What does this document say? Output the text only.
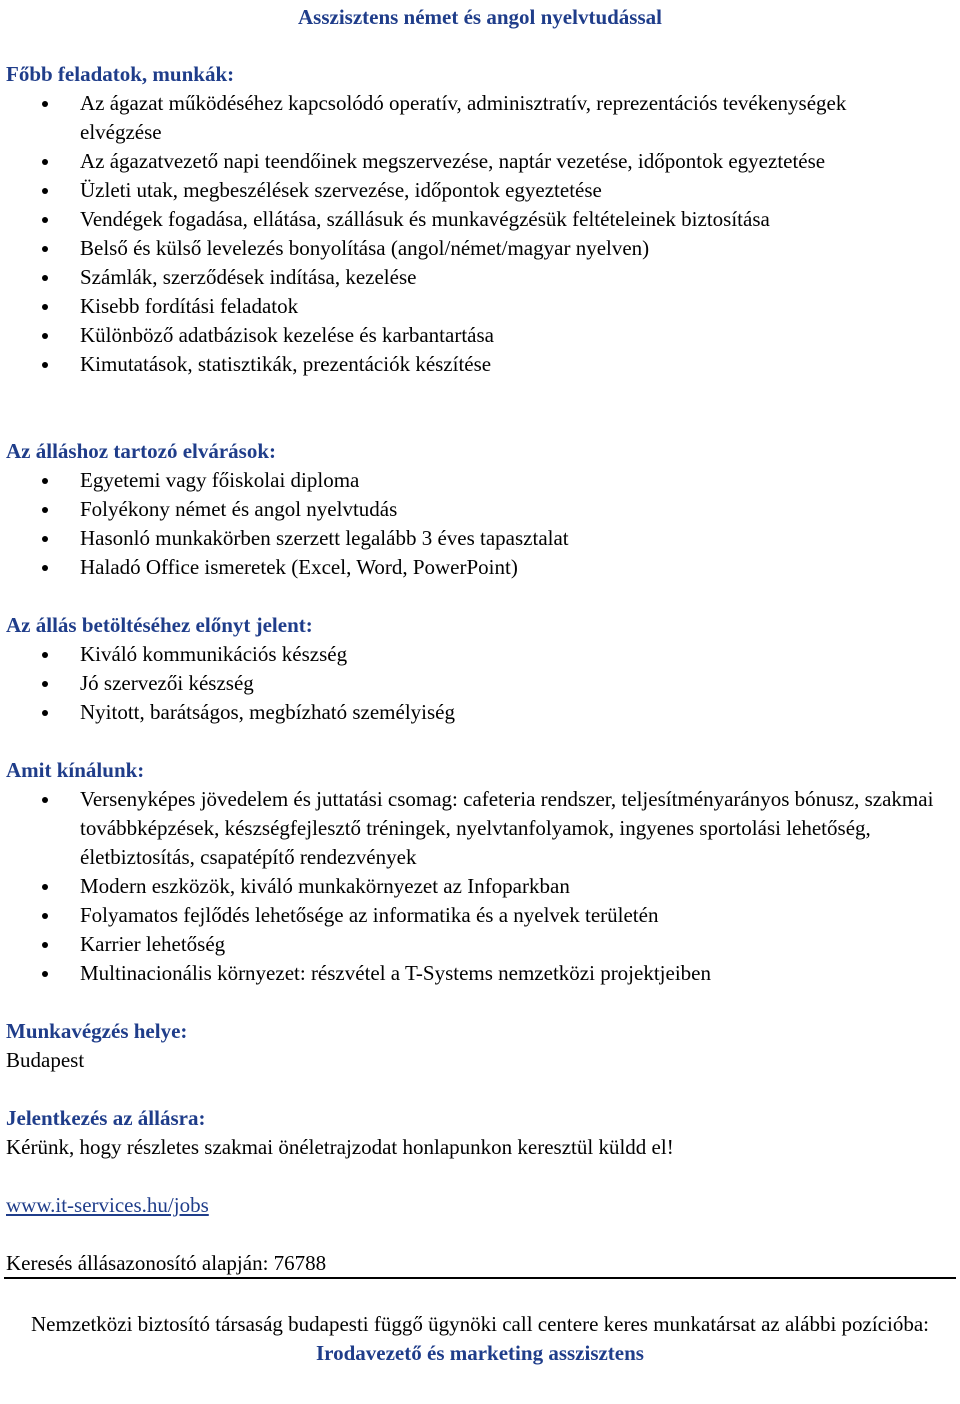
Asszisztens német és angol nyelvtudással

Főbb feladatok, munkák:

Az ágazat működéséhez kapcsolódó operatív, adminisztratív, reprezentációs tevékenységek elvégzése
Az ágazatvezető napi teendőinek megszervezése, naptár vezetése, időpontok egyeztetése
Üzleti utak, megbeszélések szervezése, időpontok egyeztetése
Vendégek fogadása, ellátása, szállásuk és munkavégzésük feltételeinek biztosítása
Belső és külső levelezés bonyolítása (angol/német/magyar nyelven)
Számlák, szerződések indítása, kezelése
Kisebb fordítási feladatok
Különböző adatbázisok kezelése és karbantartása
Kimutatások, statisztikák, prezentációk készítése

Az álláshoz tartozó elvárások:

Egyetemi vagy főiskolai diploma
Folyékony német és angol nyelvtudás
Hasonló munkakörben szerzett legalább 3 éves tapasztalat
Haladó Office ismeretek (Excel, Word, PowerPoint)

Az állás betöltéséhez előnyt jelent:

Kiváló kommunikációs készség
Jó szervezői készség
Nyitott, barátságos, megbízható személyiség

Amit kínálunk:

Versenyképes jövedelem és juttatási csomag: cafeteria rendszer, teljesítményarányos bónusz, szakmai továbbképzések, készségfejlesztő tréningek, nyelvtanfolyamok, ingyenes sportolási lehetőség, életbiztosítás, csapatépítő rendezvények
Modern eszközök, kiváló munkakörnyezet az Infoparkban
Folyamatos fejlődés lehetősége az informatika és a nyelvek területén
Karrier lehetőség
Multinacionális környezet: részvétel a T-Systems nemzetközi projektjeiben

Munkavégzés helye:

Budapest

Jelentkezés az állásra:

Kérünk, hogy részletes szakmai önéletrajzodat honlapunkon keresztül küldd el!

www.it-services.hu/jobs

Keresés állásazonosító alapján: 76788

Nemzetközi biztosító társaság budapesti függő ügynöki call centere keres munkatársat az alábbi pozícióba:
Irodavezető és marketing asszisztens
